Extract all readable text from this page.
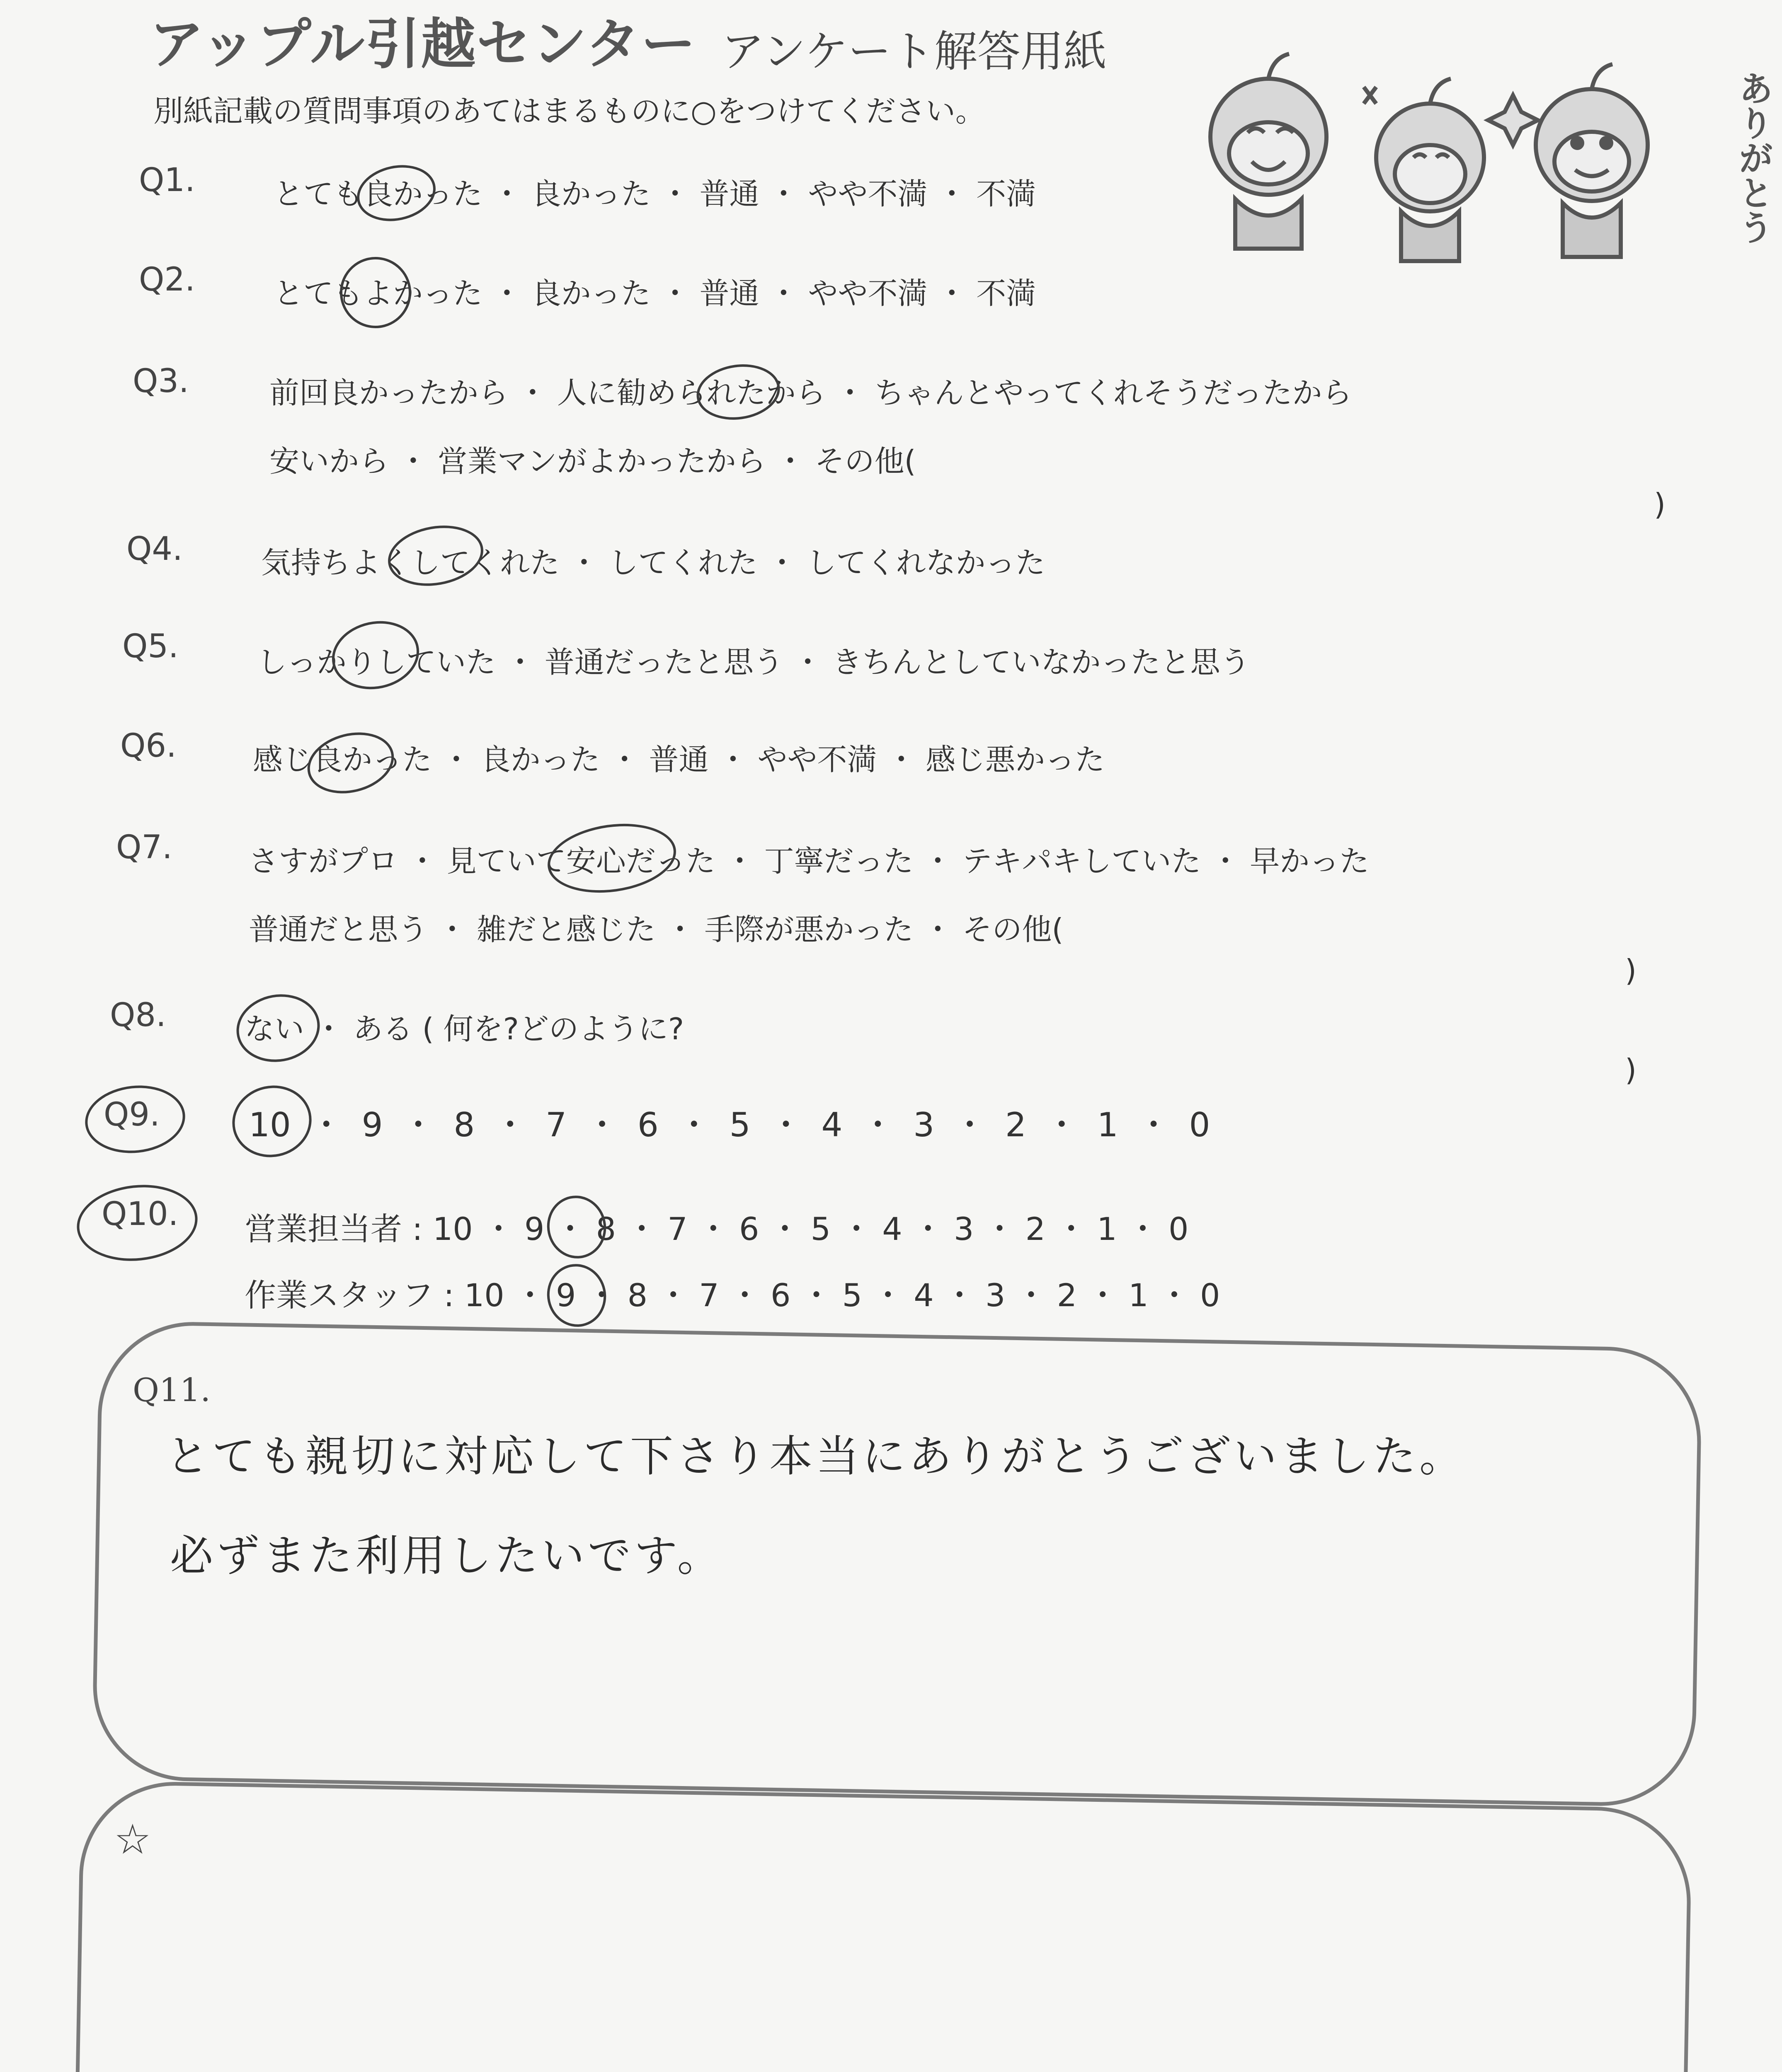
アップル引越センター アンケート解答用紙
別紙記載の質問事項のあてはまるものに○をつけてください。	ありがとう
Q1.	とても良かった ・ 良かった ・ 普通 ・ やや不満 ・ 不満
Q2.	とてもよかった ・ 良かった ・ 普通 ・ やや不満 ・ 不満
Q3.	前回良かったから ・ 人に勧められたから ・ ちゃんとやってくれそうだったから
安いから ・ 営業マンがよかったから ・ その他(
)
Q4.	気持ちよくしてくれた ・ してくれた ・ してくれなかった
Q5.	しっかりしていた ・ 普通だったと思う ・ きちんとしていなかったと思う
Q6.	感じ良かった ・ 良かった ・ 普通 ・ やや不満 ・ 感じ悪かった
Q7.	さすがプロ ・ 見ていて安心だった ・ 丁寧だった ・ テキパキしていた ・ 早かった
普通だと思う ・ 雑だと感じた ・ 手際が悪かった ・ その他(
)
Q8.	ない ・ ある ( 何を?どのように?
)
Q9.	10 ・ 9 ・ 8 ・ 7 ・ 6 ・ 5 ・ 4 ・ 3 ・ 2 ・ 1 ・ 0
Q10. 営業担当者 : 10 ・ 9 ・ 8 ・ 7 ・ 6 ・ 5 ・ 4 ・ 3 ・ 2 ・ 1 ・ 0
作業スタッフ : 10 ・ 9 ・ 8 ・ 7 ・ 6 ・ 5 ・ 4 ・ 3 ・ 2 ・ 1 ・ 0
Q11.
とても親切に対応して下さり本当にありがとうございました。
必ずまた利用したいです。
☆
